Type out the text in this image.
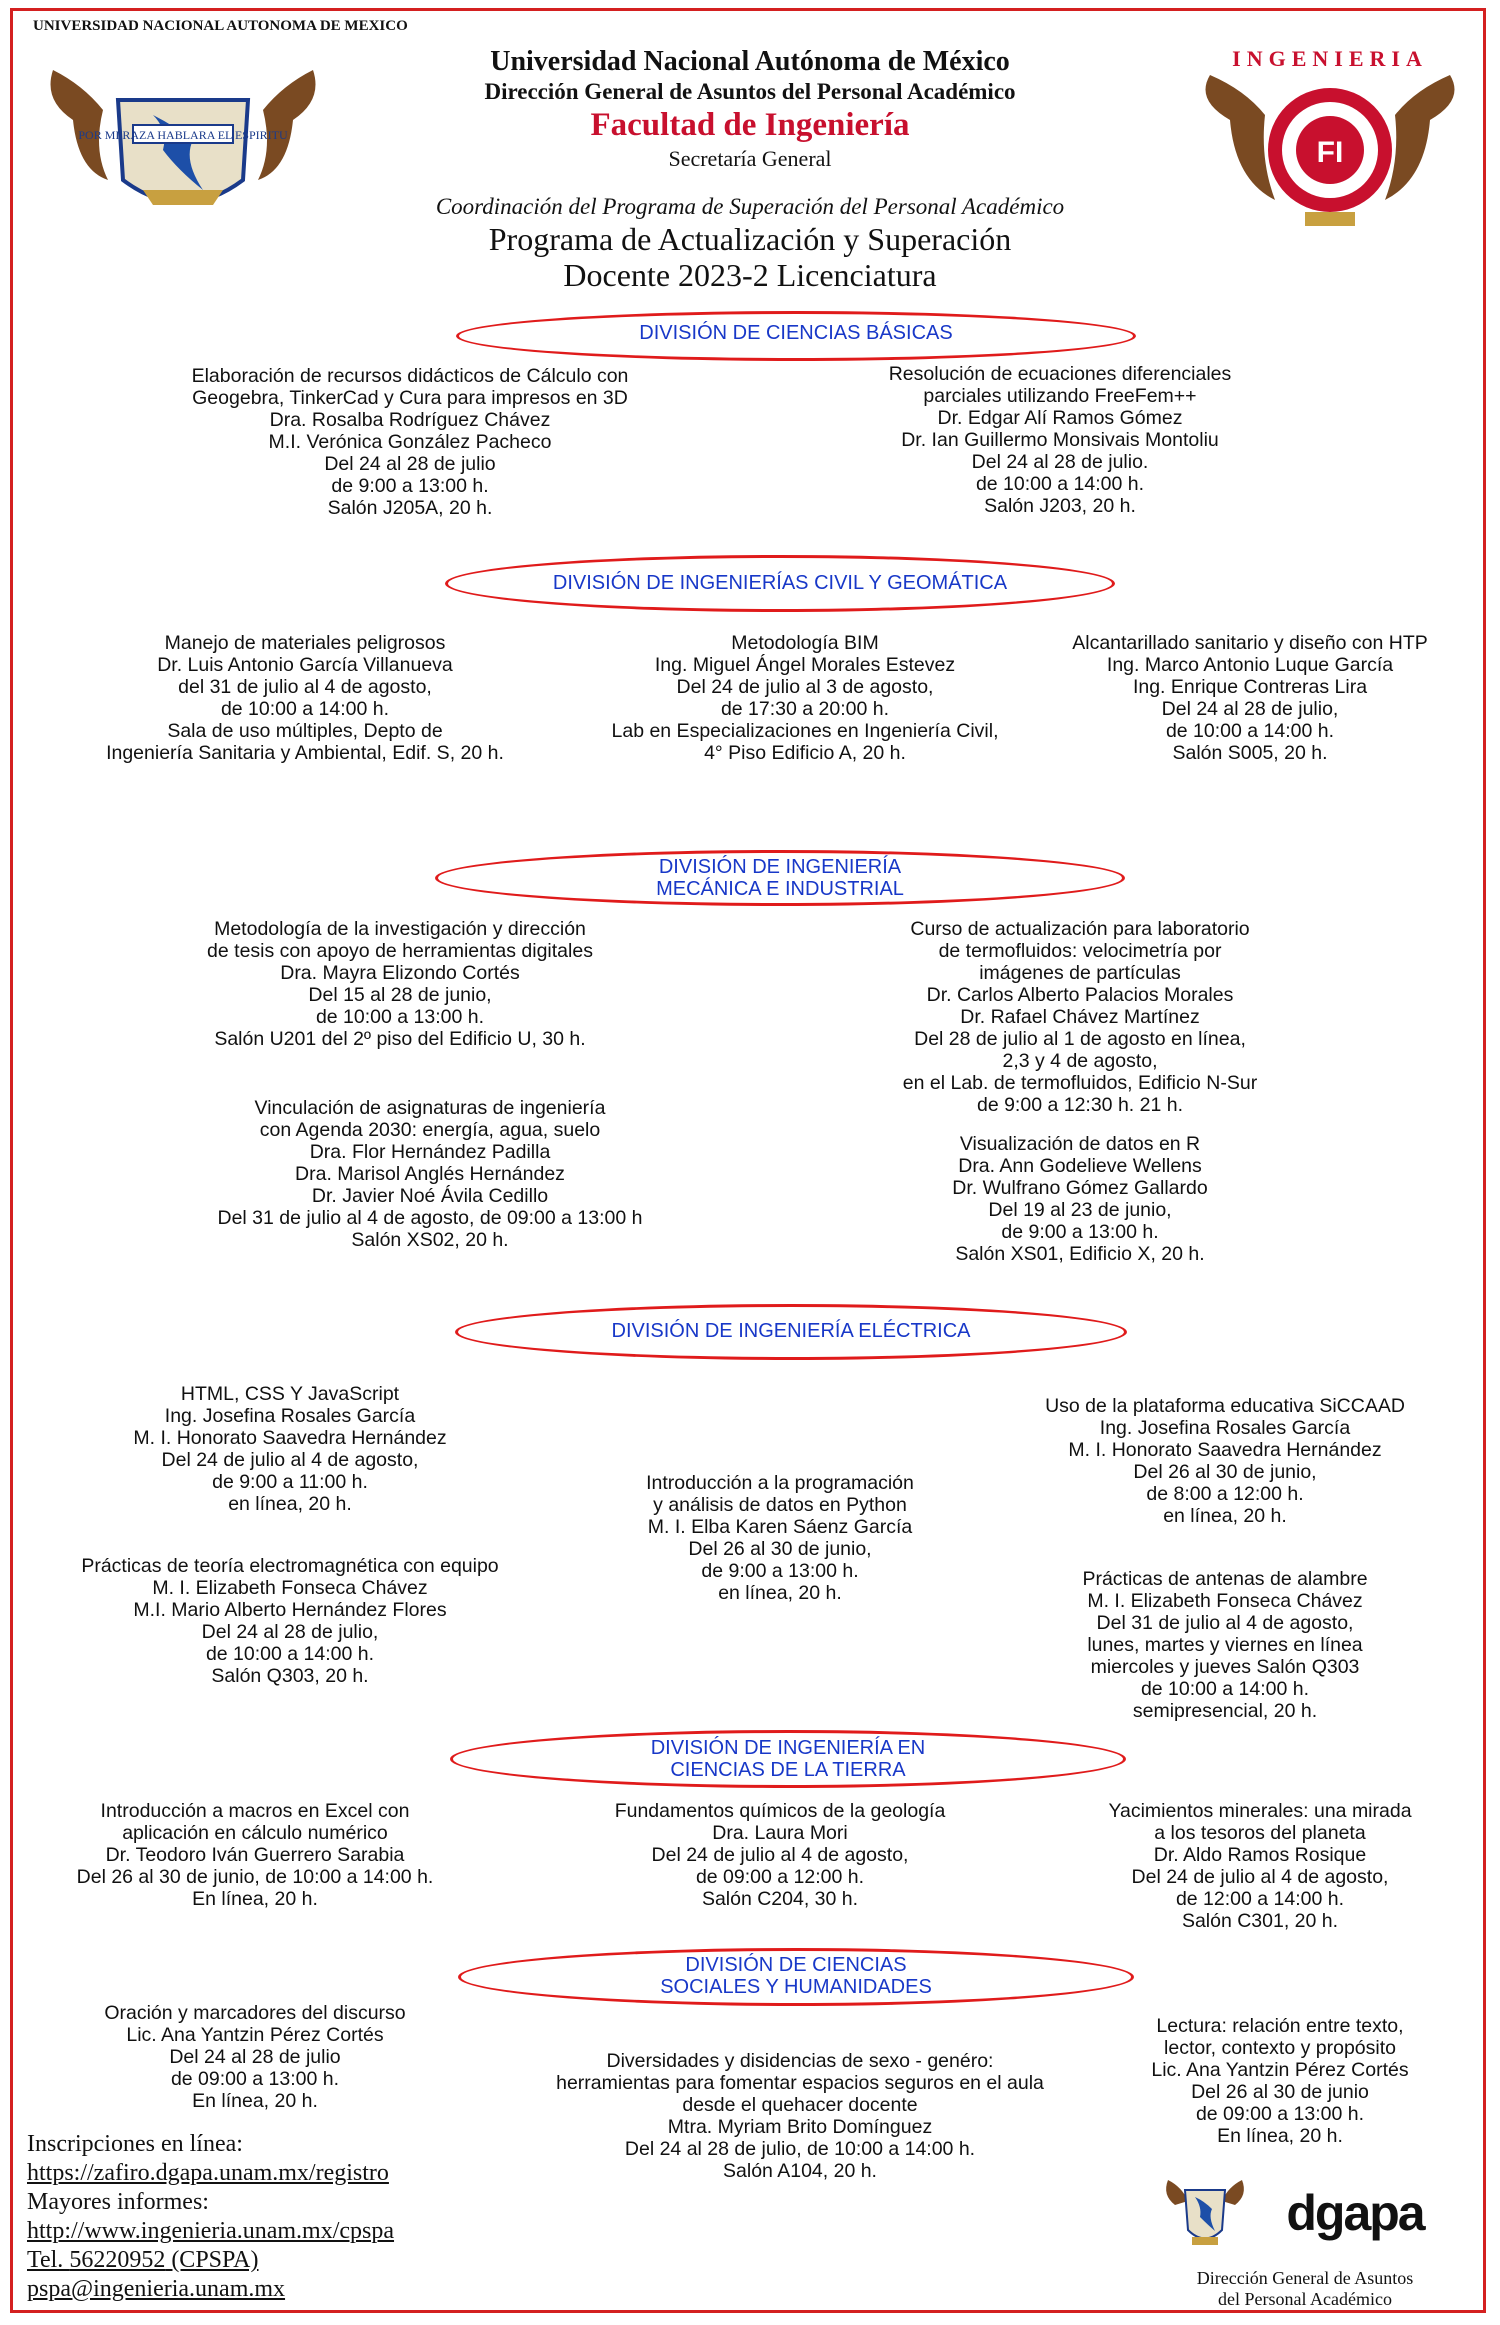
UNIVERSIDAD NACIONAL AUTONOMA DE MEXICO
POR MI RAZA HABLARA EL ESPIRITU
INGENIERIA
FI
Universidad Nacional Autónoma de México
Dirección General de Asuntos del Personal Académico
Facultad de Ingeniería
Secretaría General
Coordinación del Programa de Superación del Personal Académico
Programa de Actualización y Superación
Docente 2023-2 Licenciatura
DIVISIÓN DE CIENCIAS BÁSICAS
Elaboración de recursos didácticos de Cálculo con
Geogebra, TinkerCad y Cura para impresos en 3D
Dra. Rosalba Rodríguez Chávez
M.I. Verónica González Pacheco
Del 24 al 28 de julio
de 9:00 a 13:00 h.
Salón J205A, 20 h.
Resolución de ecuaciones diferenciales
parciales utilizando FreeFem++
Dr. Edgar Alí Ramos Gómez
Dr. Ian Guillermo Monsivais Montoliu
Del 24 al 28 de julio.
de 10:00 a 14:00 h.
Salón J203, 20 h.
DIVISIÓN DE INGENIERÍAS CIVIL Y GEOMÁTICA
Manejo de materiales peligrosos
Dr. Luis Antonio García Villanueva
del 31 de julio al 4 de agosto,
de 10:00 a 14:00 h.
Sala de uso múltiples, Depto de
Ingeniería Sanitaria y Ambiental, Edif. S, 20 h.
Metodología BIM
Ing. Miguel Ángel Morales Estevez
Del 24 de julio al 3 de agosto,
de 17:30 a 20:00 h.
Lab en Especializaciones en Ingeniería Civil,
4° Piso Edificio A, 20 h.
Alcantarillado sanitario y diseño con HTP
Ing. Marco Antonio Luque García
Ing. Enrique Contreras Lira
Del 24 al 28 de julio,
de 10:00 a 14:00 h.
Salón S005, 20 h.
DIVISIÓN DE INGENIERÍA
MECÁNICA E INDUSTRIAL
Metodología de la investigación y dirección
de tesis con apoyo de herramientas digitales
Dra. Mayra Elizondo Cortés
Del 15 al 28 de junio,
de 10:00 a 13:00 h.
Salón U201 del 2º piso del Edificio U, 30 h.
Curso de actualización para laboratorio
de termofluidos: velocimetría por
imágenes de partículas
Dr. Carlos Alberto Palacios Morales
Dr. Rafael Chávez Martínez
Del 28 de julio al 1 de agosto en línea,
2,3 y 4 de agosto,
en el Lab. de termofluidos, Edificio N-Sur
de 9:00 a 12:30 h. 21 h.
Vinculación de asignaturas de ingeniería
con Agenda 2030: energía, agua, suelo
Dra. Flor Hernández Padilla
Dra. Marisol Anglés Hernández
Dr. Javier Noé Ávila Cedillo
Del 31 de julio al 4 de agosto, de 09:00 a 13:00 h
Salón XS02, 20 h.
Visualización de datos en R
Dra. Ann Godelieve Wellens
Dr. Wulfrano Gómez Gallardo
Del 19 al 23 de junio,
de 9:00 a 13:00 h.
Salón XS01, Edificio X, 20 h.
DIVISIÓN DE INGENIERÍA ELÉCTRICA
HTML, CSS Y JavaScript
Ing. Josefina Rosales García
M. I. Honorato Saavedra Hernández
Del 24 de julio al 4 de agosto,
de 9:00 a 11:00 h.
en línea, 20 h.
Prácticas de teoría electromagnética con equipo
M. I. Elizabeth Fonseca Chávez
M.I. Mario Alberto Hernández Flores
Del 24 al 28 de julio,
de 10:00 a 14:00 h.
Salón Q303, 20 h.
Introducción a la programación
y análisis de datos en Python
M. I. Elba Karen Sáenz García
Del 26 al 30 de junio,
de 9:00 a 13:00 h.
en línea, 20 h.
Uso de la plataforma educativa SiCCAAD
Ing. Josefina Rosales García
M. I. Honorato Saavedra Hernández
Del 26 al 30 de junio,
de 8:00 a 12:00 h.
en línea, 20 h.
Prácticas de antenas de alambre
M. I. Elizabeth Fonseca Chávez
Del 31 de julio al 4 de agosto,
lunes, martes y viernes en línea
miercoles y jueves Salón Q303
de 10:00 a 14:00 h.
semipresencial, 20 h.
DIVISIÓN DE INGENIERÍA EN
CIENCIAS DE LA TIERRA
Introducción a macros en Excel con
aplicación en cálculo numérico
Dr. Teodoro Iván Guerrero Sarabia
Del 26 al 30 de junio, de 10:00 a 14:00 h.
En línea, 20 h.
Fundamentos químicos de la geología
Dra. Laura Mori
Del 24 de julio al 4 de agosto,
de 09:00 a 12:00 h.
Salón C204, 30 h.
Yacimientos minerales: una mirada
a los tesoros del planeta
Dr. Aldo Ramos Rosique
Del 24 de julio al 4 de agosto,
de 12:00 a 14:00 h.
Salón C301, 20 h.
DIVISIÓN DE CIENCIAS
SOCIALES Y HUMANIDADES
Oración y marcadores del discurso
Lic. Ana Yantzin Pérez Cortés
Del 24 al 28 de julio
de 09:00 a 13:00 h.
En línea, 20 h.
Diversidades y disidencias de sexo - genéro:
herramientas para fomentar espacios seguros en el aula
desde el quehacer docente
Mtra. Myriam Brito Domínguez
Del 24 al 28 de julio, de 10:00 a 14:00 h.
Salón A104, 20 h.
Lectura: relación entre texto,
lector, contexto y propósito
Lic. Ana Yantzin Pérez Cortés
Del 26 al 30 de junio
de 09:00 a 13:00 h.
En línea, 20 h.
Inscripciones en línea:
https://zafiro.dgapa.unam.mx/registro
Mayores informes:
http://www.ingenieria.unam.mx/cpspa
Tel. 56220952 (CPSPA)
pspa@ingenieria.unam.mx
dgapa
Dirección General de Asuntos
del Personal Académico
